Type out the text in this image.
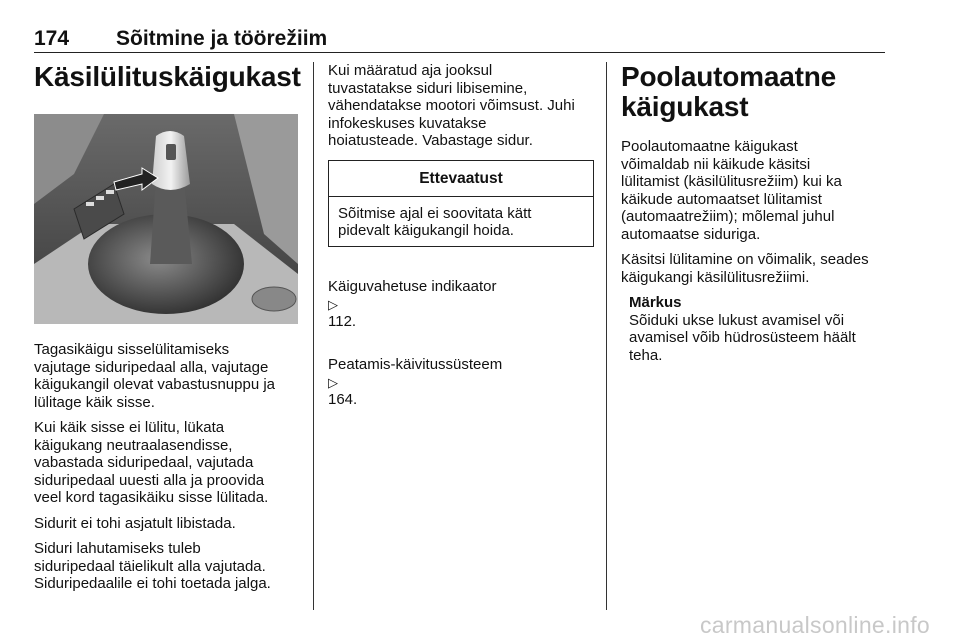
174 Sõitmine ja töörežiim
Käsilülituskäigukast

Tagasikäigu sisselülitamiseks
vajutage siduripedaal alla, vajutage
käigukangil olevat vabastusnuppu ja
lülitage käik sisse.

Kui käik sisse ei lülitu, lükata
käigukang neutraalasendisse,
vabastada siduripedaal, vajutada
siduripedaal uuesti alla ja proovida
veel kord tagasikäiku sisse lülitada.

Sidurit ei tohi asjatult libistada.

Siduri lahutamiseks tuleb
siduripedaal täielikult alla vajutada.
Siduripedaalile ei tohi toetada jalga.

Kui määratud aja jooksul
tuvastatakse siduri libisemine,
vähendatakse mootori võimsust. Juhi
infokeskuses kuvatakse
hoiatusteade. Vabastage sidur.

Ettevaatust
Sõitmise ajal ei soovitata kätt
pidevalt käigukangil hoida.

Käiguvahetuse indikaator
▷
112.

Peatamis-käivitussüsteem
▷
164.

Poolautomaatne
käigukast

Poolautomaatne käigukast
võimaldab nii käikude käsitsi
lülitamist (käsilülitusrežiim) kui ka
käikude automaatset lülitamist
(automaatrežiim); mõlemal juhul
automaatse siduriga.

Käsitsi lülitamine on võimalik, seades
käigukangi käsilülitusrežiimi.

Märkus

Sõiduki ukse lukust avamisel või
avamisel võib hüdrosüsteem häält
teha.

carmanualsonline.info
